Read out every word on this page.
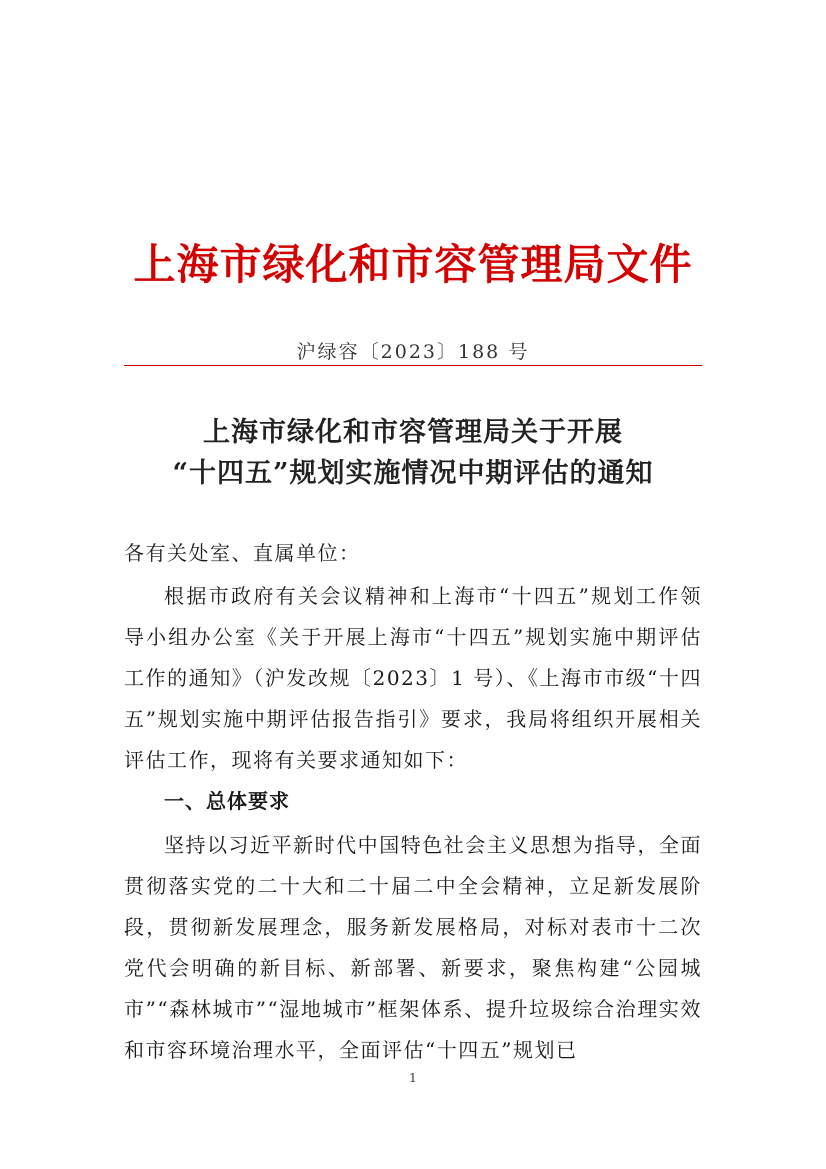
上海市绿化和市容管理局文件
沪绿容〔2023〕188 号
上海市绿化和市容管理局关于开展
“十四五”规划实施情况中期评估的通知

各有关处室、直属单位：

根据市政府有关会议精神和上海市“十四五”规划工作领导小组办公室《关于开展上海市“十四五”规划实施中期评估工作的通知》（沪发改规〔2023〕1 号）、《上海市市级“十四五”规划实施中期评估报告指引》要求，我局将组织开展相关评估工作，现将有关要求通知如下：

一、总体要求

坚持以习近平新时代中国特色社会主义思想为指导，全面贯彻落实党的二十大和二十届二中全会精神，立足新发展阶段，贯彻新发展理念，服务新发展格局，对标对表市十二次党代会明确的新目标、新部署、新要求，聚焦构建“公园城市”“森林城市”“湿地城市”框架体系、提升垃圾综合治理实效和市容环境治理水平，全面评估“十四五”规划已

1
